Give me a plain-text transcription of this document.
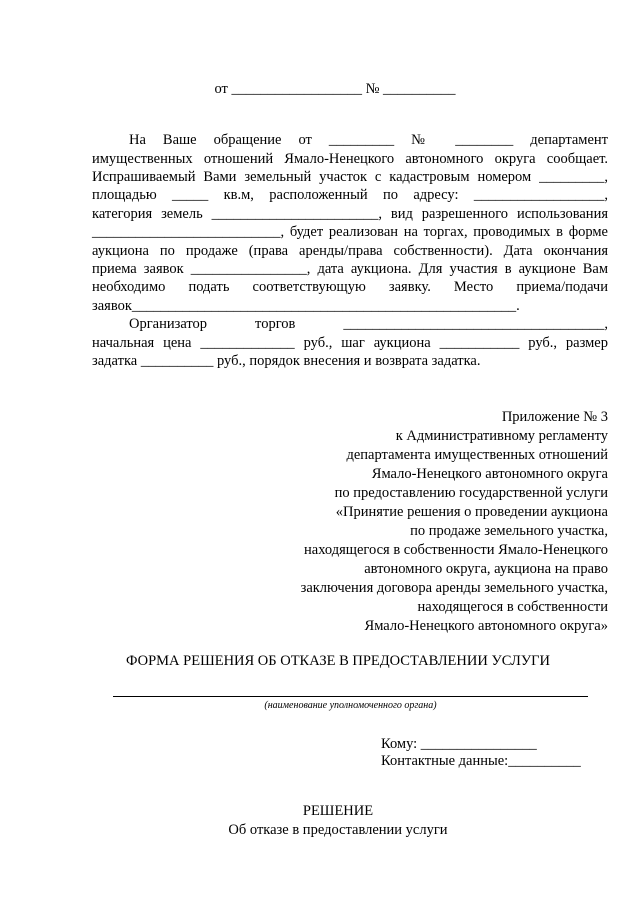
от __________________ № __________
На Ваше обращение от _________ № ________ департамент
имущественных отношений Ямало-Ненецкого автономного округа сообщает.
Испрашиваемый Вами земельный участок с кадастровым номером _________,
площадью _____ кв.м, расположенный по адресу: __________________,
категория земель _______________________, вид разрешенного использования
__________________________, будет реализован на торгах, проводимых в форме
аукциона по продаже (права аренды/права собственности). Дата окончания
приема заявок ________________, дата аукциона. Для участия в аукционе Вам
необходимо подать соответствующую заявку. Место приема/подачи
заявок_____________________________________________________.
Организатор торгов ____________________________________,
начальная цена _____________ руб., шаг аукциона ___________ руб., размер
задатка __________ руб., порядок внесения и возврата задатка.
Приложение № 3
к Административному регламенту
департамента имущественных отношений
Ямало-Ненецкого автономного округа
по предоставлению государственной услуги
«Принятие решения о проведении аукциона
по продаже земельного участка,
находящегося в собственности Ямало-Ненецкого
автономного округа, аукциона на право
заключения договора аренды земельного участка,
находящегося в собственности
Ямало-Ненецкого автономного округа»
ФОРМА РЕШЕНИЯ ОБ ОТКАЗЕ В ПРЕДОСТАВЛЕНИИ УСЛУГИ
(наименование уполномоченного органа)
Кому: ________________
Контактные данные:__________
РЕШЕНИЕ
Об отказе в предоставлении услуги
